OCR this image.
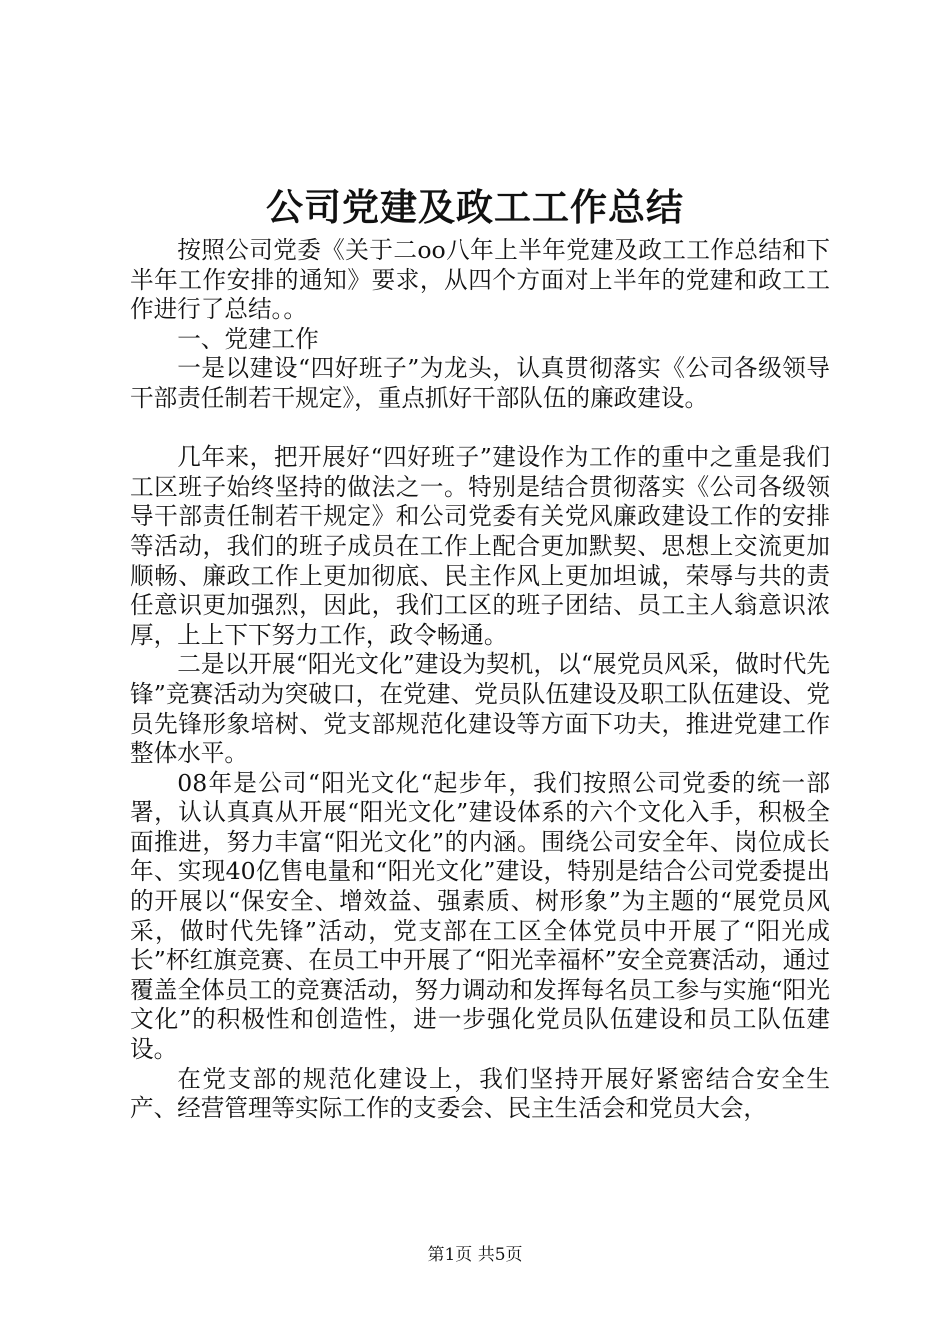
公司党建及政工工作总结

按照公司党委《关于二oo八年上半年党建及政工工作总结和下半年工作安排的通知》要求，从四个方面对上半年的党建和政工工作进行了总结。。

一、党建工作

一是以建设“四好班子”为龙头，认真贯彻落实《公司各级领导干部责任制若干规定》，重点抓好干部队伍的廉政建设。

几年来，把开展好“四好班子”建设作为工作的重中之重是我们工区班子始终坚持的做法之一。特别是结合贯彻落实《公司各级领导干部责任制若干规定》和公司党委有关党风廉政建设工作的安排等活动，我们的班子成员在工作上配合更加默契、思想上交流更加顺畅、廉政工作上更加彻底、民主作风上更加坦诚，荣辱与共的责任意识更加强烈，因此，我们工区的班子团结、员工主人翁意识浓厚，上上下下努力工作，政令畅通。

二是以开展“阳光文化”建设为契机，以“展党员风采，做时代先锋”竞赛活动为突破口，在党建、党员队伍建设及职工队伍建设、党员先锋形象培树、党支部规范化建设等方面下功夫，推进党建工作整体水平。

08年是公司“阳光文化“起步年，我们按照公司党委的统一部署，认认真真从开展“阳光文化”建设体系的六个文化入手，积极全面推进，努力丰富“阳光文化”的内涵。围绕公司安全年、岗位成长年、实现40亿售电量和“阳光文化”建设，特别是结合公司党委提出的开展以“保安全、增效益、强素质、树形象”为主题的“展党员风采，做时代先锋”活动，党支部在工区全体党员中开展了“阳光成长”杯红旗竞赛、在员工中开展了“阳光幸福杯”安全竞赛活动，通过覆盖全体员工的竞赛活动，努力调动和发挥每名员工参与实施“阳光文化”的积极性和创造性，进一步强化党员队伍建设和员工队伍建设。

在党支部的规范化建设上，我们坚持开展好紧密结合安全生产、经营管理等实际工作的支委会、民主生活会和党员大会，

第1页 共5页
